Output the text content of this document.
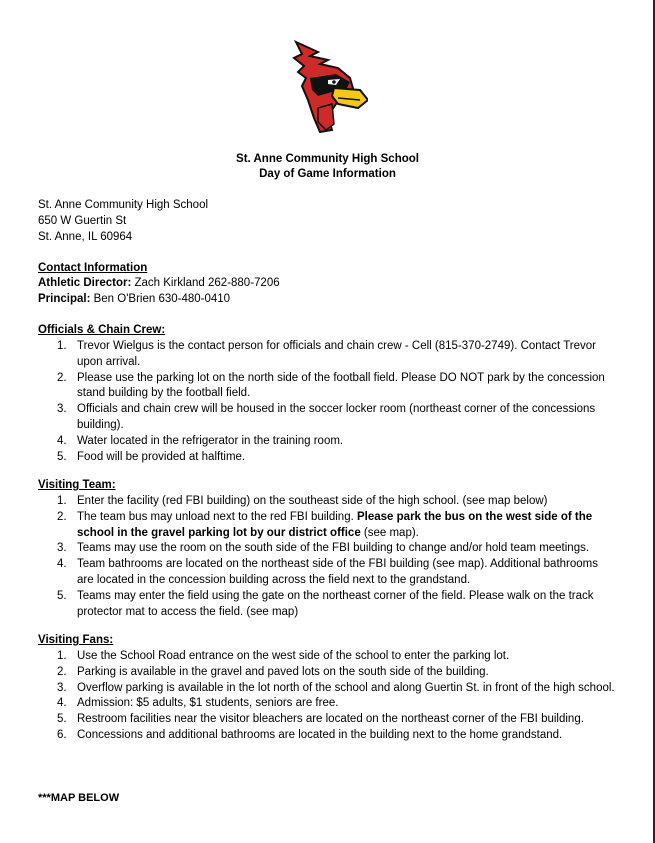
St. Anne Community High School
Day of Game Information
St. Anne Community High School
650 W Guertin St
St. Anne, IL 60964
Contact Information
Athletic Director: Zach Kirkland 262-880-7206
Principal: Ben O'Brien 630-480-0410
Officials & Chain Crew:
1. Trevor Wielgus is the contact person for officials and chain crew - Cell (815-370-2749). Contact Trevor upon arrival.
2. Please use the parking lot on the north side of the football field. Please DO NOT park by the concession stand building by the football field.
3. Officials and chain crew will be housed in the soccer locker room (northeast corner of the concessions building).
4. Water located in the refrigerator in the training room.
5. Food will be provided at halftime.
Visiting Team:
1. Enter the facility (red FBI building) on the southeast side of the high school. (see map below)
2. The team bus may unload next to the red FBI building. Please park the bus on the west side of the school in the gravel parking lot by our district office (see map).
3. Teams may use the room on the south side of the FBI building to change and/or hold team meetings.
4. Team bathrooms are located on the northeast side of the FBI building (see map). Additional bathrooms are located in the concession building across the field next to the grandstand.
5. Teams may enter the field using the gate on the northeast corner of the field. Please walk on the track protector mat to access the field. (see map)
Visiting Fans:
1. Use the School Road entrance on the west side of the school to enter the parking lot.
2. Parking is available in the gravel and paved lots on the south side of the building.
3. Overflow parking is available in the lot north of the school and along Guertin St. in front of the high school.
4. Admission: $5 adults, $1 students, seniors are free.
5. Restroom facilities near the visitor bleachers are located on the northeast corner of the FBI building.
6. Concessions and additional bathrooms are located in the building next to the home grandstand.
***MAP BELOW
